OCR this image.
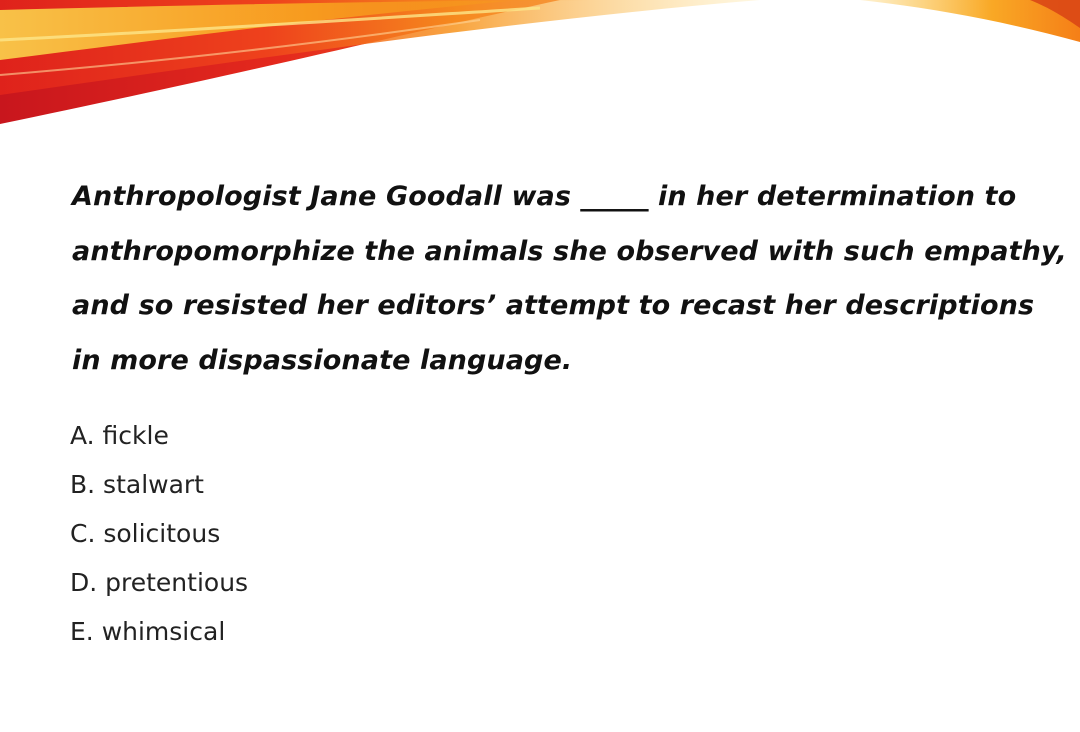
Anthropologist Jane Goodall was _____ in her determination to
anthropomorphize the animals she observed with such empathy,
and so resisted her editors’ attempt to recast her descriptions
in more dispassionate language.

A. fickle
B. stalwart
C. solicitous
D. pretentious
E. whimsical
